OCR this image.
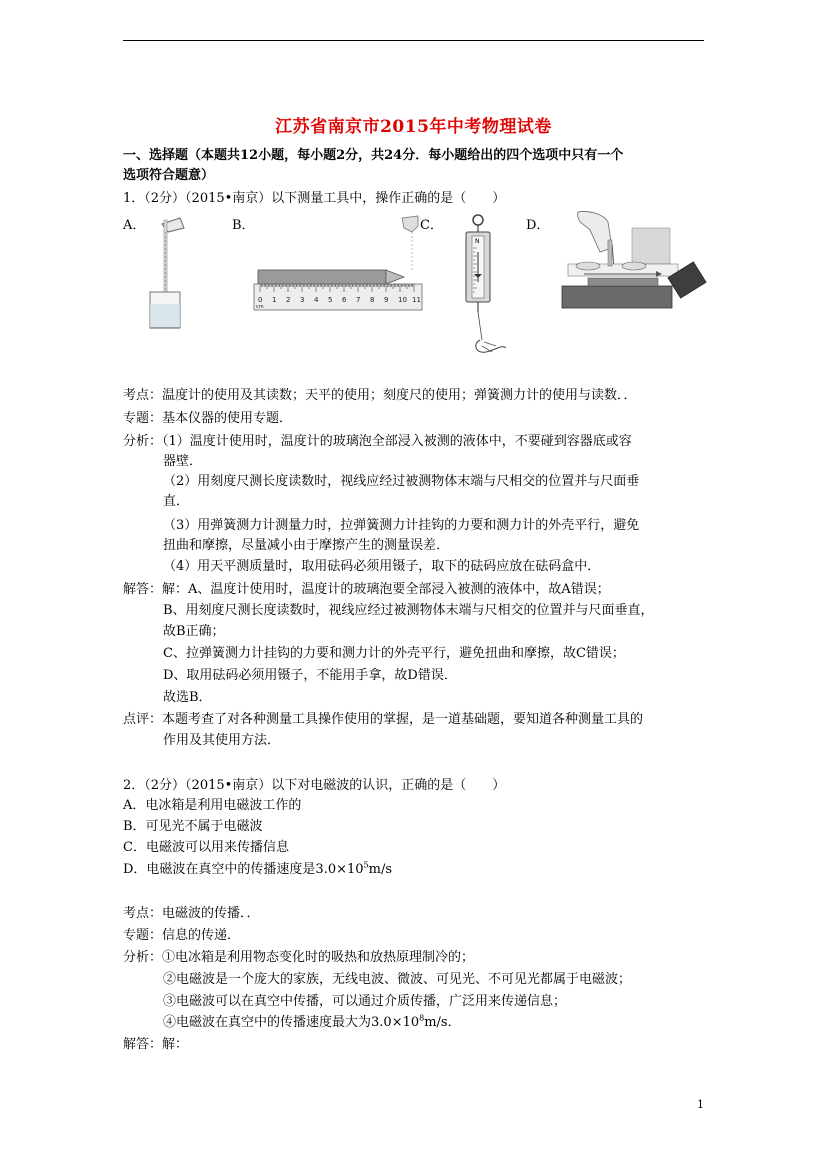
江苏省南京市2015年中考物理试卷
一、选择题（本题共12小题，每小题2分，共24分．每小题给出的四个选项中只有一个
选项符合题意）
1．（2分）（2015•南京）以下测量工具中，操作正确的是（　　）
A．	B．	C．	D．
0 1 2 3 4 5 6 7 8 9 10 11
cm
N
考点：温度计的使用及其读数；天平的使用；刻度尺的使用；弹簧测力计的使用与读数．．
专题：基本仪器的使用专题．
分析：（1）温度计使用时，温度计的玻璃泡全部浸入被测的液体中，不要碰到容器底或容
器壁．
（2）用刻度尺测长度读数时，视线应经过被测物体末端与尺相交的位置并与尺面垂
直．
（3）用弹簧测力计测量力时，拉弹簧测力计挂钩的力要和测力计的外壳平行，避免
扭曲和摩擦，尽量减小由于摩擦产生的测量误差．
（4）用天平测质量时，取用砝码必须用镊子，取下的砝码应放在砝码盒中．
解答：解：A、温度计使用时，温度计的玻璃泡要全部浸入被测的液体中，故A错误；
B、用刻度尺测长度读数时，视线应经过被测物体末端与尺相交的位置并与尺面垂直，
故B正确；
C、拉弹簧测力计挂钩的力要和测力计的外壳平行，避免扭曲和摩擦，故C错误；
D、取用砝码必须用镊子，不能用手拿，故D错误．
故选B．
点评：本题考查了对各种测量工具操作使用的掌握，是一道基础题，要知道各种测量工具的
作用及其使用方法．
2．（2分）（2015•南京）以下对电磁波的认识，正确的是（　　）
A．电冰箱是利用电磁波工作的
B．可见光不属于电磁波
C．电磁波可以用来传播信息
D．电磁波在真空中的传播速度是$3.0\times 10^5m/s$
考点：电磁波的传播．．
专题：信息的传递．
分析：①电冰箱是利用物态变化时的吸热和放热原理制冷的；
②电磁波是一个庞大的家族，无线电波、微波、可见光、不可见光都属于电磁波；
③电磁波可以在真空中传播，可以通过介质传播，广泛用来传递信息；
④电磁波在真空中的传播速度最大为$3.0\times 10^8m/s$．
解答：解：
1
